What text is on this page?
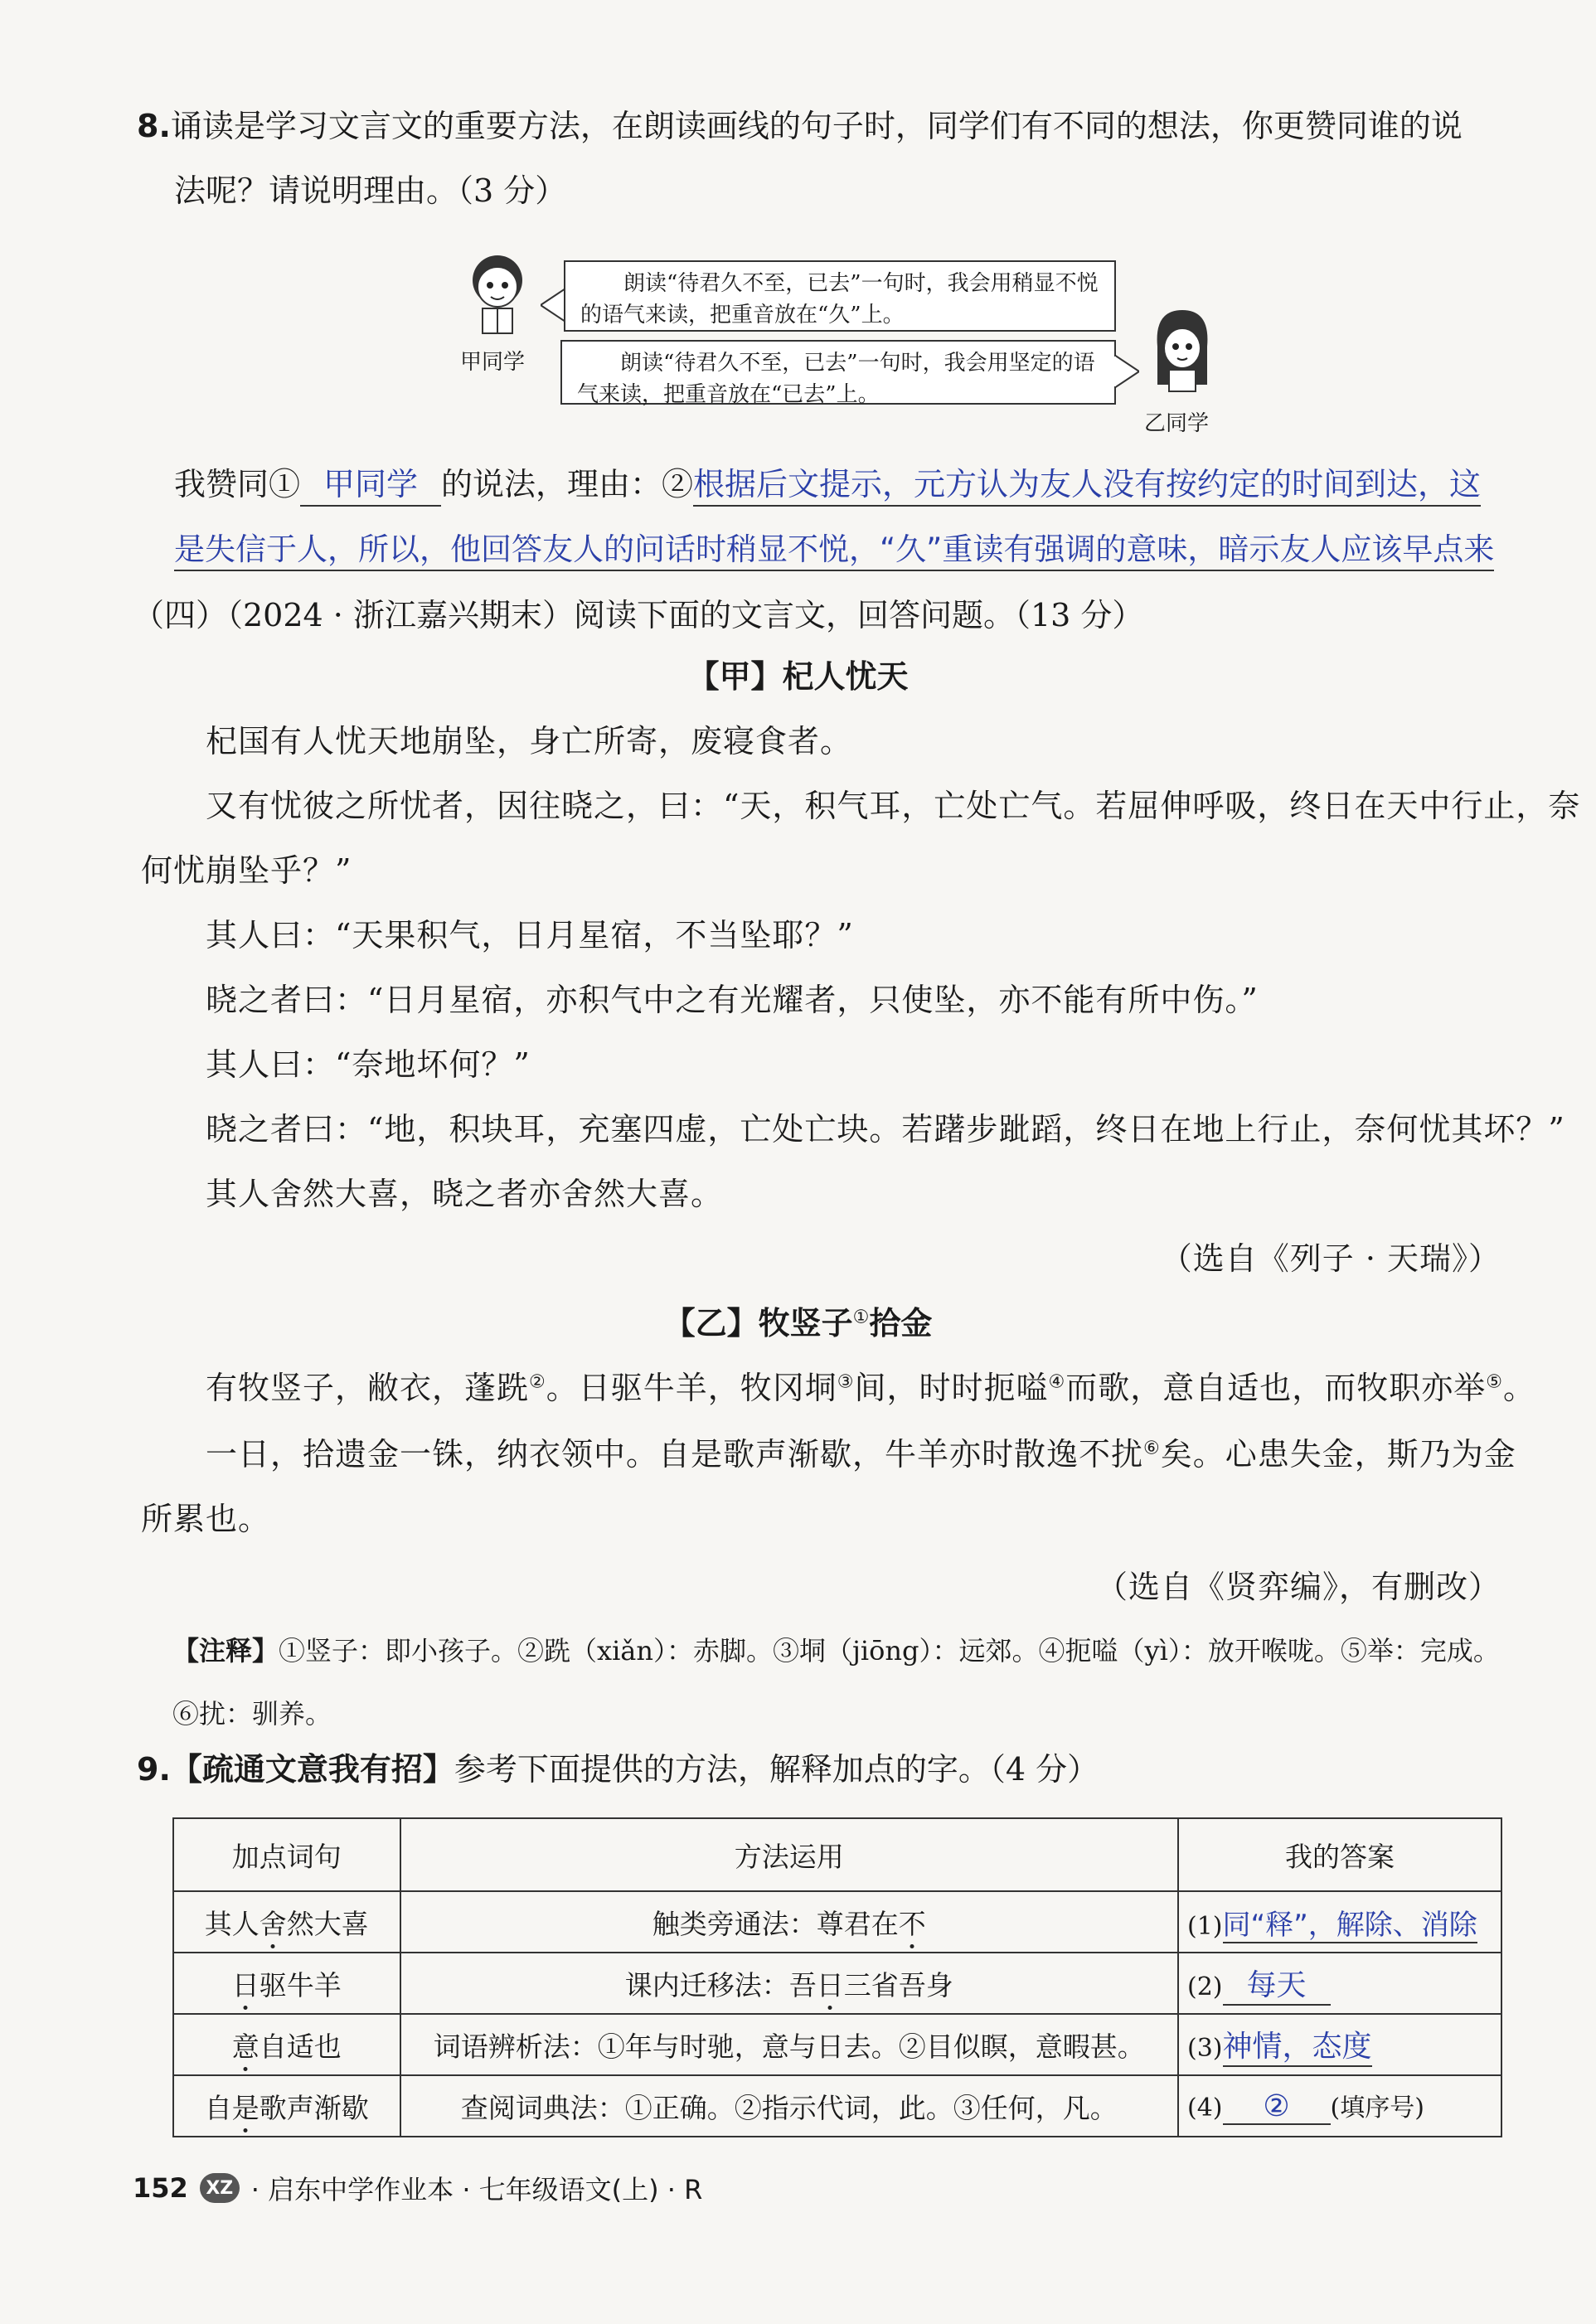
8.诵读是学习文言文的重要方法，在朗读画线的句子时，同学们有不同的想法，你更赞同谁的说
法呢？请说明理由。（3 分）
甲同学
朗读“待君久不至，已去”一句时，我会用稍显不悦的语气来读，把重音放在“久”上。
朗读“待君久不至，已去”一句时，我会用坚定的语气来读，把重音放在“已去”上。
乙同学
我赞同① 甲同学 的说法，理由：②根据后文提示，元方认为友人没有按约定的时间到达，这
是失信于人，所以，他回答友人的问话时稍显不悦，“久”重读有强调的意味，暗示友人应该早点来
（四）（2024 · 浙江嘉兴期末）阅读下面的文言文，回答问题。（13 分）
【甲】杞人忧天
杞国有人忧天地崩坠，身亡所寄，废寝食者。
又有忧彼之所忧者，因往晓之，曰：“天，积气耳，亡处亡气。若屈伸呼吸，终日在天中行止，奈
何忧崩坠乎？”
其人曰：“天果积气，日月星宿，不当坠耶？”
晓之者曰：“日月星宿，亦积气中之有光耀者，只使坠，亦不能有所中伤。”
其人曰：“奈地坏何？”
晓之者曰：“地，积块耳，充塞四虚，亡处亡块。若躇步跐蹈，终日在地上行止，奈何忧其坏？”
其人舍然大喜，晓之者亦舍然大喜。
（选自《列子 · 天瑞》）
【乙】牧竖子①拾金
有牧竖子，敝衣，蓬跣②。日驱牛羊，牧冈垌③间，时时扼嗌④而歌，意自适也，而牧职亦举⑤。
一日，拾遗金一铢，纳衣领中。自是歌声渐歇，牛羊亦时散逸不扰⑥矣。心患失金，斯乃为金
所累也。
（选自《贤弈编》，有删改）
【注释】①竖子：即小孩子。②跣（xiǎn）：赤脚。③垌（jiōng）：远郊。④扼嗌（yì）：放开喉咙。⑤举：完成。
⑥扰：驯养。
9.【疏通文意我有招】参考下面提供的方法，解释加点的字。（4 分）
加点词句	方法运用	我的答案
其人舍然大喜	触类旁通法：尊君在不	(1)同“释”，解除、消除
日驱牛羊	课内迁移法：吾日三省吾身	(2) 每天
意自适也	词语辨析法：①年与时驰，意与日去。②目似瞑，意暇甚。	(3)神情，态度
自是歌声渐歇	查阅词典法：①正确。②指示代词，此。③任何，凡。	(4) ② (填序号)
152 XZ · 启东中学作业本 · 七年级语文(上) · R
